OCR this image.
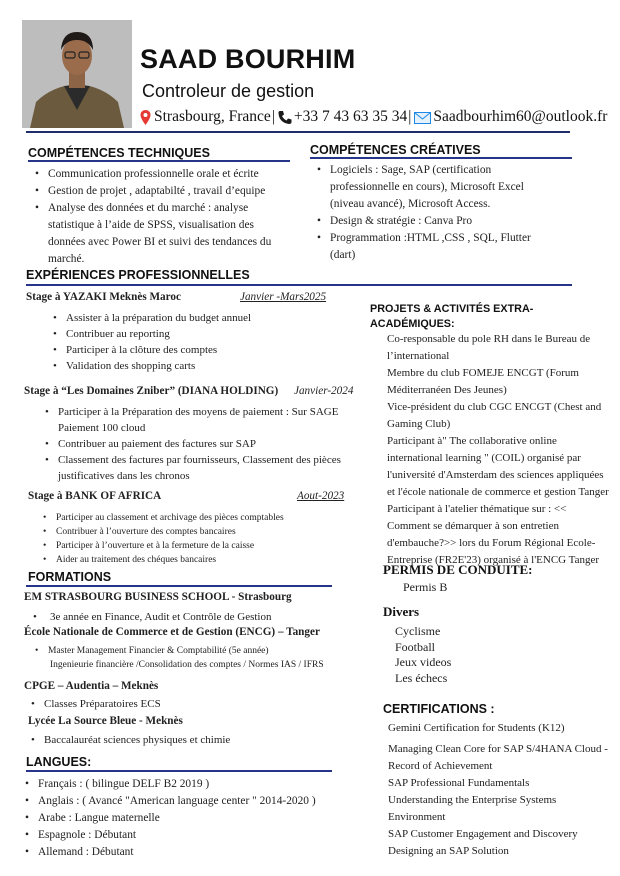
SAAD BOURHIM
Controleur de gestion
Strasbourg, France | +33 7 43 63 35 34 | Saadbourhim60@outlook.fr
COMPÉTENCES TECHNIQUES
• Communication professionnelle orale et écrite
• Gestion de projet , adaptabilté , travail d’equipe
• Analyse des données et du marché : analyse statistique à l’aide de SPSS, visualisation des données avec Power BI et suivi des tendances du marché.
COMPÉTENCES CRÉATIVES
• Logiciels : Sage, SAP (certification professionnelle en cours), Microsoft Excel (niveau avancé), Microsoft Access.
• Design & stratégie : Canva Pro
• Programmation :HTML ,CSS , SQL, Flutter (dart)
EXPÉRIENCES PROFESSIONNELLES
Stage à YAZAKI Meknès Maroc	Janvier -Mars2025
• Assister à la préparation du budget annuel
• Contribuer au reporting
• Participer à la clôture des comptes
• Validation des shopping carts
Stage à “Les Domaines Zniber” (DIANA HOLDING) Janvier-2024
• Participer à la Préparation des moyens de paiement : Sur SAGE Paiement 100 cloud
• Contribuer au paiement des factures sur SAP
• Classement des factures par fournisseurs, Classement des pièces justificatives dans les chronos
Stage à BANK OF AFRICA	Aout-2023
• Participer au classement et archivage des pièces comptables
• Contribuer à l’ouverture des comptes bancaires
• Participer à l’ouverture et à la fermeture de la caisse
• Aider au traitement des chéques bancaires
FORMATIONS
EM STRASBOURG BUSINESS SCHOOL - Strasbourg
• 3e année en Finance, Audit et Contrôle de Gestion
École Nationale de Commerce et de Gestion (ENCG) – Tanger
• Master Management Financier & Comptabilité (5e année)
Ingenieurie financière /Consolidation des comptes / Normes IAS / IFRS
CPGE – Audentia – Meknès
• Classes Préparatoires ECS
Lycée La Source Bleue - Meknès
• Baccalauréat sciences physiques et chimie
LANGUES:
• Français : ( bilingue DELF B2 2019 )
• Anglais : ( Avancé "American language center " 2014-2020 )
• Arabe : Langue maternelle
• Espagnole : Débutant
• Allemand : Débutant
PROJETS & ACTIVITÉS EXTRA-
ACADÉMIQUES:
Co-responsable du pole RH dans le Bureau de l’international
Membre du club FOMEJE ENCGT (Forum Méditerranéen Des Jeunes)
Vice-président du club CGC ENCGT (Chest and Gaming Club)
Participant à" The collaborative online international learning " (COIL) organisé par l'université d'Amsterdam des sciences appliquées et l'école nationale de commerce et gestion Tanger
Participant à l'atelier thématique sur : << Comment se démarquer à son entretien d'embauche?>> lors du Forum Régional Ecole- Entreprise (FR2E'23) organisé à l'ENCG Tanger
PERMIS DE CONDUITE:
Permis B
Divers
Cyclisme
Football
Jeux videos
Les échecs
CERTIFICATIONS :
Gemini Certification for Students (K12)
Managing Clean Core for SAP S/4HANA Cloud - Record of Achievement
SAP Professional Fundamentals
Understanding the Enterprise Systems Environment
SAP Customer Engagement and Discovery
Designing an SAP Solution
